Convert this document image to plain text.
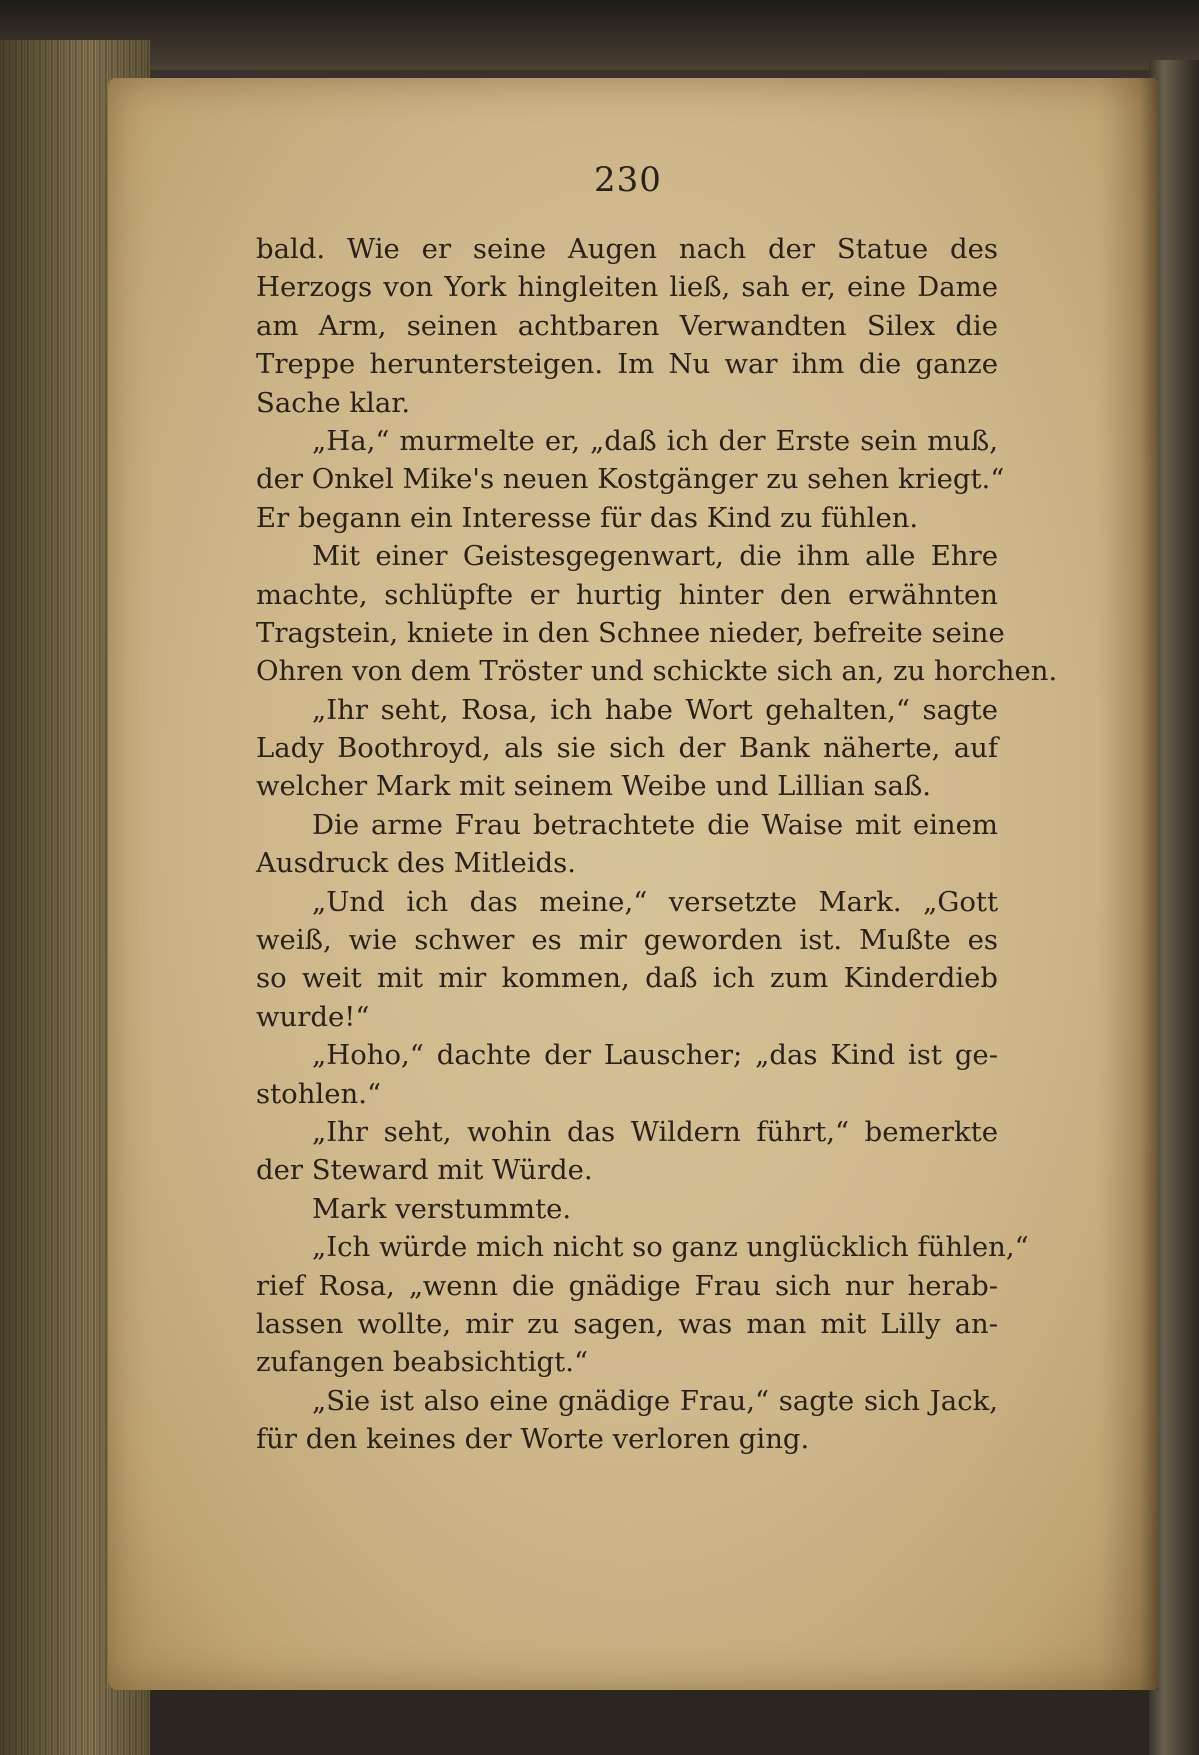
230
bald. Wie er seine Augen nach der Statue des
Herzogs von York hingleiten ließ, sah er, eine Dame
am Arm, seinen achtbaren Verwandten Silex die
Treppe heruntersteigen. Im Nu war ihm die ganze
Sache klar.
„Ha,“ murmelte er, „daß ich der Erste sein muß,
der Onkel Mike's neuen Kostgänger zu sehen kriegt.“
Er begann ein Interesse für das Kind zu fühlen.
Mit einer Geistesgegenwart, die ihm alle Ehre
machte, schlüpfte er hurtig hinter den erwähnten
Tragstein, kniete in den Schnee nieder, befreite seine
Ohren von dem Tröster und schickte sich an, zu horchen.
„Ihr seht, Rosa, ich habe Wort gehalten,“ sagte
Lady Boothroyd, als sie sich der Bank näherte, auf
welcher Mark mit seinem Weibe und Lillian saß.
Die arme Frau betrachtete die Waise mit einem
Ausdruck des Mitleids.
„Und ich das meine,“ versetzte Mark. „Gott
weiß, wie schwer es mir geworden ist. Mußte es
so weit mit mir kommen, daß ich zum Kinderdieb
wurde!“
„Hoho,“ dachte der Lauscher; „das Kind ist ge-
stohlen.“
„Ihr seht, wohin das Wildern führt,“ bemerkte
der Steward mit Würde.
Mark verstummte.
„Ich würde mich nicht so ganz unglücklich fühlen,“
rief Rosa, „wenn die gnädige Frau sich nur herab-
lassen wollte, mir zu sagen, was man mit Lilly an-
zufangen beabsichtigt.“
„Sie ist also eine gnädige Frau,“ sagte sich Jack,
für den keines der Worte verloren ging.
